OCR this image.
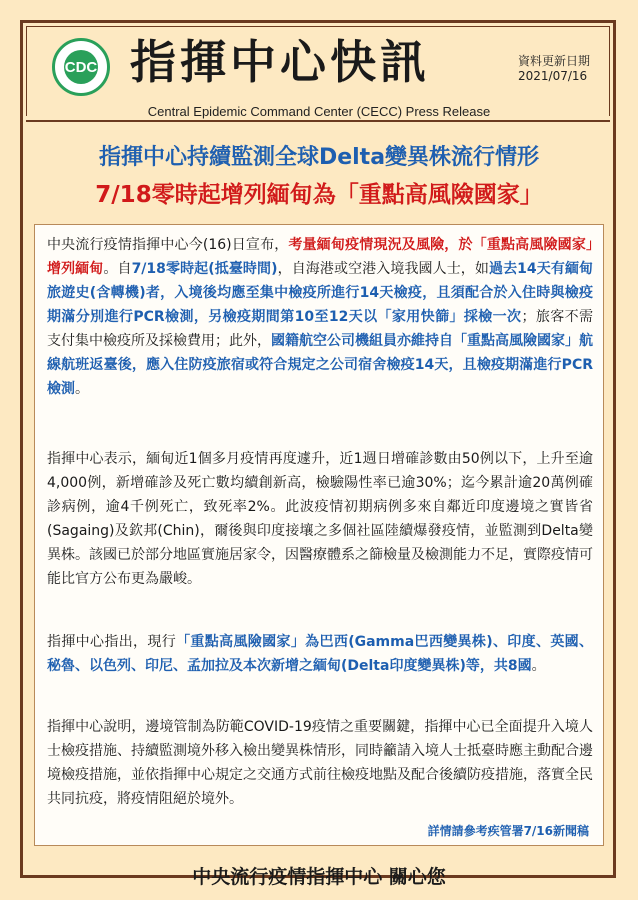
CDC 指揮中心快訊	資料更新日期
2021/07/16
Central Epidemic Command Center (CECC) Press Release
指揮中心持續監測全球Delta變異株流行情形
7/18零時起增列緬甸為「重點高風險國家」

中央流行疫情指揮中心今(16)日宣布，考量緬甸疫情現況及風險，於「重點高風險國家」增列緬甸。自7/18零時起(抵臺時間)，自海港或空港入境我國人士，如過去14天有緬甸旅遊史(含轉機)者，入境後均應至集中檢疫所進行14天檢疫，且須配合於入住時與檢疫期滿分別進行PCR檢測，另檢疫期間第10至12天以「家用快篩」採檢一次；旅客不需支付集中檢疫所及採檢費用；此外，國籍航空公司機組員亦維持自「重點高風險國家」航線航班返臺後，應入住防疫旅宿或符合規定之公司宿舍檢疫14天，且檢疫期滿進行PCR檢測。

指揮中心表示，緬甸近1個多月疫情再度遽升，近1週日增確診數由50例以下，上升至逾4,000例，新增確診及死亡數均續創新高，檢驗陽性率已逾30%；迄今累計逾20萬例確診病例，逾4千例死亡，致死率2%。此波疫情初期病例多來自鄰近印度邊境之實皆省(Sagaing)及欽邦(Chin)，爾後與印度接壤之多個社區陸續爆發疫情，並監測到Delta變異株。該國已於部分地區實施居家令，因醫療體系之篩檢量及檢測能力不足，實際疫情可能比官方公布更為嚴峻。

指揮中心指出，現行「重點高風險國家」為巴西(Gamma巴西變異株)、印度、英國、秘魯、以色列、印尼、孟加拉及本次新增之緬甸(Delta印度變異株)等，共8國。

指揮中心說明，邊境管制為防範COVID-19疫情之重要關鍵，指揮中心已全面提升入境人士檢疫措施、持續監測境外移入檢出變異株情形，同時籲請入境人士抵臺時應主動配合邊境檢疫措施，並依指揮中心規定之交通方式前往檢疫地點及配合後續防疫措施，落實全民共同抗疫，將疫情阻絕於境外。

詳情請參考疾管署7/16新聞稿
中央流行疫情指揮中心 關心您
